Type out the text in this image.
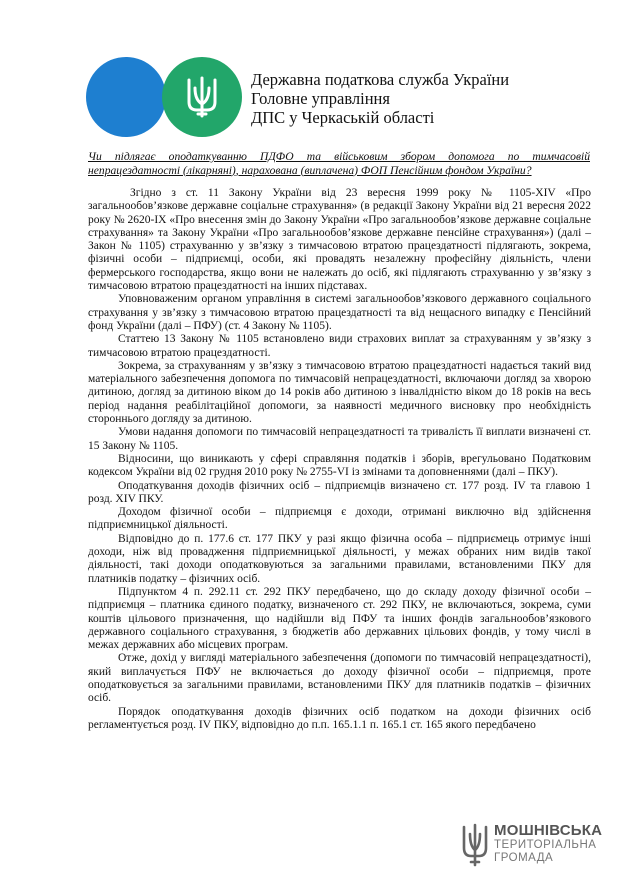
Державна податкова служба України
Головне управління
ДПС у Черкаській області
Чи підлягає оподаткуванню ПДФО та військовим збором допомога по тимчасовій непрацездатності (лікарняні), нарахована (виплачена) ФОП Пенсійним фондом України?

Згідно з ст. 11 Закону України від 23 вересня 1999 року № 1105-XIV «Про загальнообов’язкове державне соціальне страхування» (в редакції Закону України від 21 вересня 2022 року № 2620-IX «Про внесення змін до Закону України «Про загальнообов’язкове державне соціальне страхування» та Закону України «Про загальнообов’язкове державне пенсійне страхування») (далі – Закон № 1105) страхуванню у зв’язку з тимчасовою втратою працездатності підлягають, зокрема, фізичні особи – підприємці, особи, які провадять незалежну професійну діяльність, члени фермерського господарства, якщо вони не належать до осіб, які підлягають страхуванню у зв’язку з тимчасовою втратою працездатності на інших підставах.

Уповноваженим органом управління в системі загальнообов’язкового державного соціального страхування у зв’язку з тимчасовою втратою працездатності та від нещасного випадку є Пенсійний фонд України (далі – ПФУ) (ст. 4 Закону № 1105).

Статтею 13 Закону № 1105 встановлено види страхових виплат за страхуванням у зв’язку з тимчасовою втратою працездатності.

Зокрема, за страхуванням у зв’язку з тимчасовою втратою працездатності надається такий вид матеріального забезпечення допомога по тимчасовій непрацездатності, включаючи догляд за хворою дитиною, догляд за дитиною віком до 14 років або дитиною з інвалідністю віком до 18 років на весь період надання реабілітаційної допомоги, за наявності медичного висновку про необхідність стороннього догляду за дитиною.

Умови надання допомоги по тимчасовій непрацездатності та тривалість її виплати визначені ст. 15 Закону № 1105.

Відносини, що виникають у сфері справляння податків і зборів, врегульовано Податковим кодексом України від 02 грудня 2010 року № 2755-VI із змінами та доповненнями (далі – ПКУ).

Оподаткування доходів фізичних осіб – підприємців визначено ст. 177 розд. IV та главою 1 розд. XIV ПКУ.

Доходом фізичної особи – підприємця є доходи, отримані виключно від здійснення підприємницької діяльності.

Відповідно до п. 177.6 ст. 177 ПКУ у разі якщо фізична особа – підприємець отримує інші доходи, ніж від провадження підприємницької діяльності, у межах обраних ним видів такої діяльності, такі доходи оподатковуються за загальними правилами, встановленими ПКУ для платників податку – фізичних осіб.

Підпунктом 4 п. 292.11 ст. 292 ПКУ передбачено, що до складу доходу фізичної особи – підприємця – платника єдиного податку, визначеного ст. 292 ПКУ, не включаються, зокрема, суми коштів цільового призначення, що надійшли від ПФУ та інших фондів загальнообов’язкового державного соціального страхування, з бюджетів або державних цільових фондів, у тому числі в межах державних або місцевих програм.

Отже, дохід у вигляді матеріального забезпечення (допомоги по тимчасовій непрацездатності), який виплачується ПФУ не включається до доходу фізичної особи – підприємця, проте оподатковується за загальними правилами, встановленими ПКУ для платників податків – фізичних осіб.

Порядок оподаткування доходів фізичних осіб податком на доходи фізичних осіб регламентується розд. IV ПКУ, відповідно до п.п. 165.1.1 п. 165.1 ст. 165 якого передбачено

МОШНІВСЬКА
ТЕРИТОРІАЛЬНА
ГРОМАДА
